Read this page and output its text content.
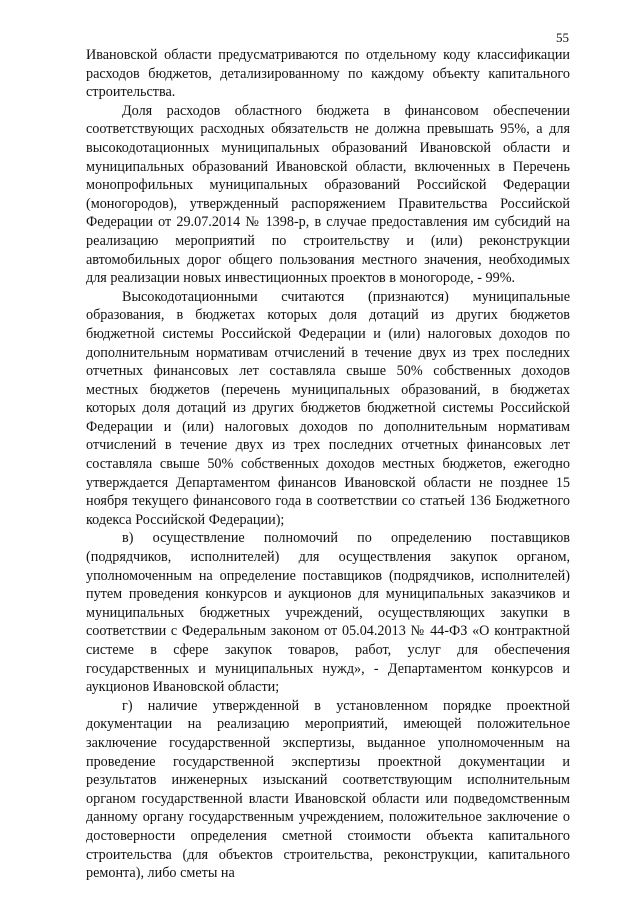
55

Ивановской области предусматриваются по отдельному коду классификации расходов бюджетов, детализированному по каждому объекту капитального строительства.

Доля расходов областного бюджета в финансовом обеспечении соответствующих расходных обязательств не должна превышать 95%, а для высокодотационных муниципальных образований Ивановской области и муниципальных образований Ивановской области, включенных в Перечень монопрофильных муниципальных образований Российской Федерации (моногородов), утвержденный распоряжением Правительства Российской Федерации от 29.07.2014 № 1398-р, в случае предоставления им субсидий на реализацию мероприятий по строительству и (или) реконструкции автомобильных дорог общего пользования местного значения, необходимых для реализации новых инвестиционных проектов в моногороде, - 99%.

Высокодотационными считаются (признаются) муниципальные образования, в бюджетах которых доля дотаций из других бюджетов бюджетной системы Российской Федерации и (или) налоговых доходов по дополнительным нормативам отчислений в течение двух из трех последних отчетных финансовых лет составляла свыше 50% собственных доходов местных бюджетов (перечень муниципальных образований, в бюджетах которых доля дотаций из других бюджетов бюджетной системы Российской Федерации и (или) налоговых доходов по дополнительным нормативам отчислений в течение двух из трех последних отчетных финансовых лет составляла свыше 50% собственных доходов местных бюджетов, ежегодно утверждается Департаментом финансов Ивановской области не позднее 15 ноября текущего финансового года в соответствии со статьей 136 Бюджетного кодекса Российской Федерации);

в) осуществление полномочий по определению поставщиков (подрядчиков, исполнителей) для осуществления закупок органом, уполномоченным на определение поставщиков (подрядчиков, исполнителей) путем проведения конкурсов и аукционов для муниципальных заказчиков и муниципальных бюджетных учреждений, осуществляющих закупки в соответствии с Федеральным законом от 05.04.2013 № 44-ФЗ «О контрактной системе в сфере закупок товаров, работ, услуг для обеспечения государственных и муниципальных нужд», - Департаментом конкурсов и аукционов Ивановской области;

г) наличие утвержденной в установленном порядке проектной документации на реализацию мероприятий, имеющей положительное заключение государственной экспертизы, выданное уполномоченным на проведение государственной экспертизы проектной документации и результатов инженерных изысканий соответствующим исполнительным органом государственной власти Ивановской области или подведомственным данному органу государственным учреждением, положительное заключение о достоверности определения сметной стоимости объекта капитального строительства (для объектов строительства, реконструкции, капитального ремонта), либо сметы на
